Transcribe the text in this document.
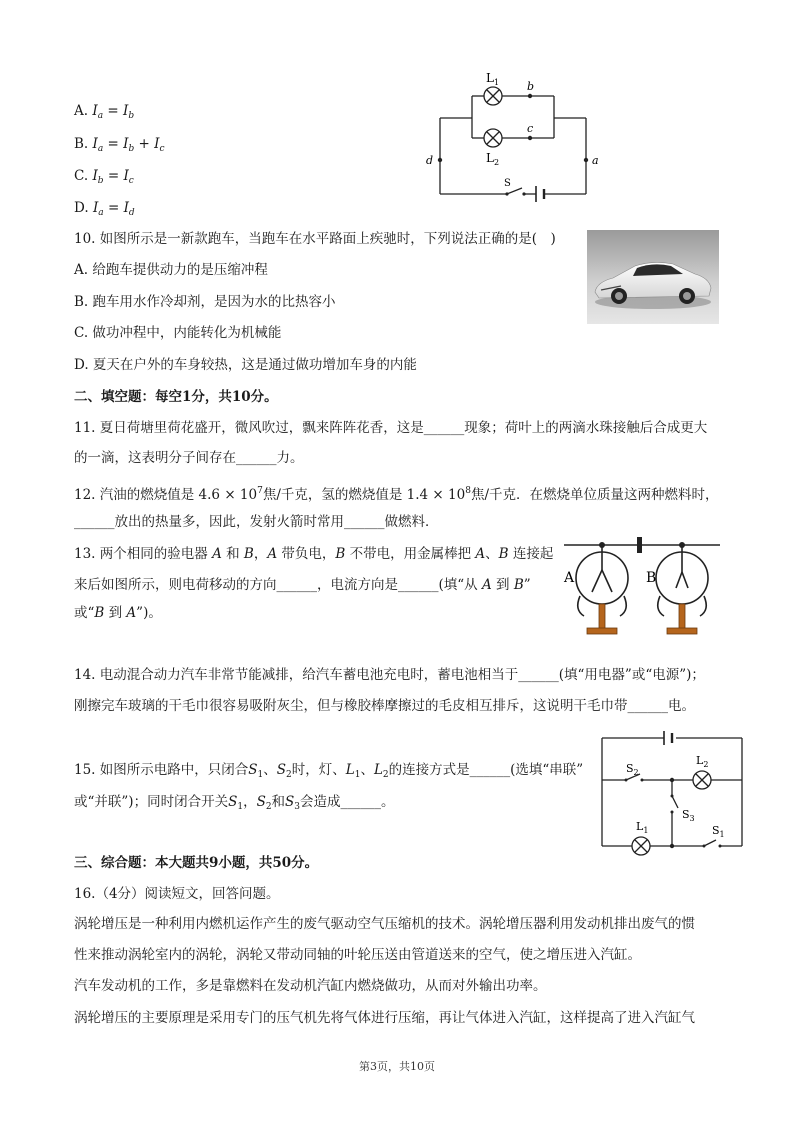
A. $I_a = I_b$
B. $I_a = I_b + I_c$
C. $I_b = I_c$
D. $I_a = I_d$
$L_1$
$L_2$
b
c
d	a
S
10. 如图所示是一新款跑车，当跑车在水平路面上疾驰时，下列说法正确的是(　)
A. 给跑车提供动力的是压缩冲程
B. 跑车用水作冷却剂，是因为水的比热容小
C. 做功冲程中，内能转化为机械能
D. 夏天在户外的车身较热，这是通过做功增加车身的内能
二、填空题：每空1分，共10分。
11. 夏日荷塘里荷花盛开，微风吹过，飘来阵阵花香，这是______现象；荷叶上的两滴水珠接触后合成更大
的一滴，这表明分子间存在______力。
12. 汽油的燃烧值是 $4.6 \times 10^7$焦/千克，氢的燃烧值是 $1.4 \times 10^8$焦/千克．在燃烧单位质量这两种燃料时，
______放出的热量多，因此，发射火箭时常用______做燃料．
13. 两个相同的验电器 A 和 B，A 带负电，B 不带电，用金属棒把 A、B 连接起
来后如图所示，则电荷移动的方向______，电流方向是______(填“从 A 到 B”
或“B 到 A”)。
A	B
14. 电动混合动力汽车非常节能减排，给汽车蓄电池充电时，蓄电池相当于______(填“用电器”或“电源”)；
刚擦完车玻璃的干毛巾很容易吸附灰尘，但与橡胶棒摩擦过的毛皮相互排斥，这说明干毛巾带______电。
15. 如图所示电路中，只闭合$S_1$、$S_2$时，灯、$L_1$、$L_2$的连接方式是______(选填“串联”
或“并联”)；同时闭合开关$S_1$，$S_2$和$S_3$会造成______。
$S_2$
$L_2$
$S_3$
$L_1$	$S_1$
三、综合题：本大题共9小题，共50分。
16.（4分）阅读短文，回答问题。
涡轮增压是一种利用内燃机运作产生的废气驱动空气压缩机的技术。涡轮增压器利用发动机排出废气的惯
性来推动涡轮室内的涡轮，涡轮又带动同轴的叶轮压送由管道送来的空气，使之增压进入汽缸。
汽车发动机的工作，多是靠燃料在发动机汽缸内燃烧做功，从而对外输出功率。
涡轮增压的主要原理是采用专门的压气机先将气体进行压缩，再让气体进入汽缸，这样提高了进入汽缸气
第3页，共10页
